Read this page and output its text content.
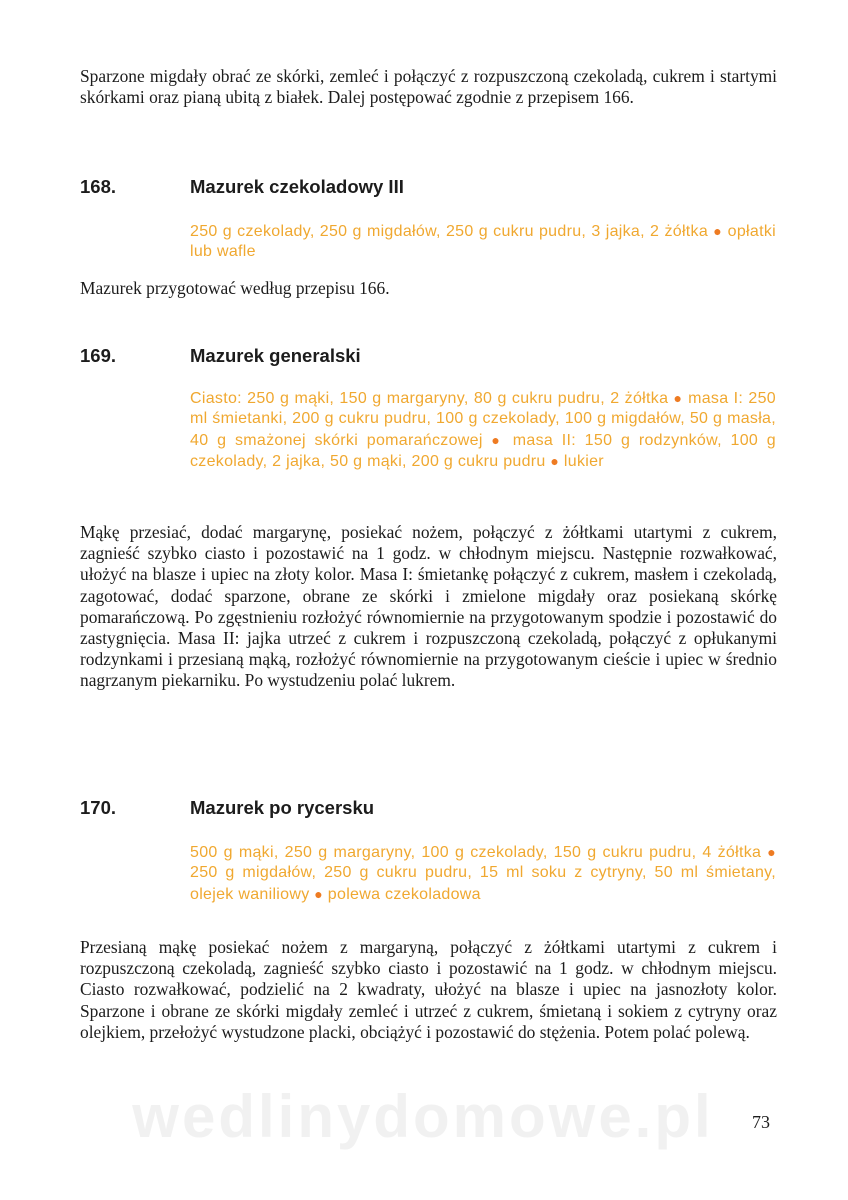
Sparzone migdały obrać ze skórki, zemleć i połączyć z rozpuszczoną czekoladą, cukrem i startymi skórkami oraz pianą ubitą z białek. Dalej postępować zgodnie z przepisem 166.

168.	Mazurek czekoladowy III

250 g czekolady, 250 g migdałów, 250 g cukru pudru, 3 jajka, 2 żółtka ● opłatki lub wafle

Mazurek przygotować według przepisu 166.

169.	Mazurek generalski

Ciasto: 250 g mąki, 150 g margaryny, 80 g cukru pudru, 2 żółtka ● masa I: 250 ml śmietanki, 200 g cukru pudru, 100 g czekolady, 100 g migdałów, 50 g masła, 40 g smażonej skórki pomarańczowej ● masa II: 150 g rodzynków, 100 g czekolady, 2 jajka, 50 g mąki, 200 g cukru pudru ● lukier

Mąkę przesiać, dodać margarynę, posiekać nożem, połączyć z żółtkami utartymi z cukrem, zagnieść szybko ciasto i pozostawić na 1 godz. w chłodnym miejscu. Następnie rozwałkować, ułożyć na blasze i upiec na złoty kolor. Masa I: śmietankę połączyć z cukrem, masłem i czekoladą, zagotować, dodać sparzone, obrane ze skórki i zmielone migdały oraz posiekaną skórkę pomarańczową. Po zgęstnieniu rozłożyć równomiernie na przygotowanym spodzie i pozostawić do zastygnięcia. Masa II: jajka utrzeć z cukrem i rozpuszczoną czekoladą, połączyć z opłukanymi rodzynkami i przesianą mąką, rozłożyć równomiernie na przygotowanym cieście i upiec w średnio nagrzanym piekarniku. Po wystudzeniu polać lukrem.

170.	Mazurek po rycersku

500 g mąki, 250 g margaryny, 100 g czekolady, 150 g cukru pudru, 4 żółtka ● 250 g migdałów, 250 g cukru pudru, 15 ml soku z cytryny, 50 ml śmietany, olejek waniliowy ● polewa czekoladowa

Przesianą mąkę posiekać nożem z margaryną, połączyć z żółtkami utartymi z cukrem i rozpuszczoną czekoladą, zagnieść szybko ciasto i pozostawić na 1 godz. w chłodnym miejscu. Ciasto rozwałkować, podzielić na 2 kwadraty, ułożyć na blasze i upiec na jasnozłoty kolor. Sparzone i obrane ze skórki migdały zemleć i utrzeć z cukrem, śmietaną i sokiem z cytryny oraz olejkiem, przełożyć wystudzone placki, obciążyć i pozostawić do stężenia. Potem polać polewą.

wedlinydomowe.pl	73
